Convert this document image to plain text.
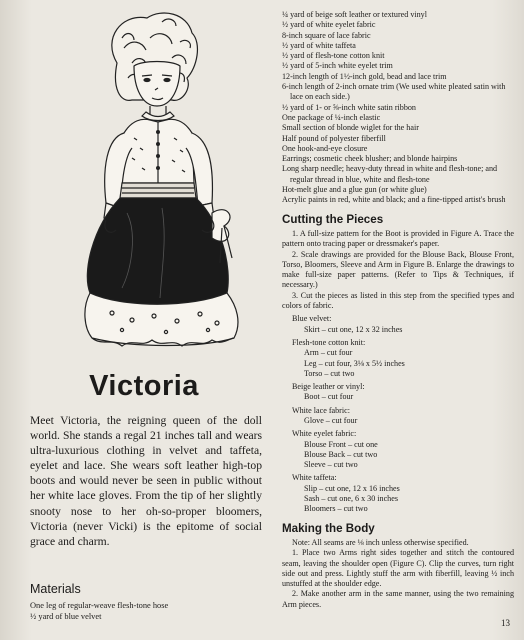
Victoria
Meet Victoria, the reigning queen of the doll world. She stands a regal 21 inches tall and wears ultra-luxurious clothing in velvet and taffeta, eyelet and lace. She wears soft leather high-top boots and would never be seen in public without her white lace gloves. From the tip of her slightly snooty nose to her oh-so-proper bloomers, Victoria (never Vicki) is the epitome of social grace and charm.
Materials
One leg of regular-weave flesh-tone hose
½ yard of blue velvet
¼ yard of beige soft leather or textured vinyl
½ yard of white eyelet fabric
8-inch square of lace fabric
½ yard of white taffeta
½ yard of flesh-tone cotton knit
½ yard of 5-inch white eyelet trim
12-inch length of 1½-inch gold, bead and lace trim
6-inch length of 2-inch ornate trim (We used white pleated satin with lace on each side.)
½ yard of 1- or ⅝-inch white satin ribbon
One package of ¼-inch elastic
Small section of blonde wiglet for the hair
Half pound of polyester fiberfill
One hook-and-eye closure
Earrings; cosmetic cheek blusher; and blonde hairpins
Long sharp needle; heavy-duty thread in white and flesh-tone; and regular thread in blue, white and flesh-tone
Hot-melt glue and a glue gun (or white glue)
Acrylic paints in red, white and black; and a fine-tipped artist's brush
Cutting the Pieces
1. A full-size pattern for the Boot is provided in Figure A. Trace the pattern onto tracing paper or dressmaker's paper.
2. Scale drawings are provided for the Blouse Back, Blouse Front, Torso, Bloomers, Sleeve and Arm in Figure B. Enlarge the drawings to make full-size paper patterns. (Refer to Tips & Techniques, if necessary.)
3. Cut the pieces as listed in this step from the specified types and colors of fabric.
Blue velvet:
Skirt – cut one, 12 x 32 inches
Flesh-tone cotton knit:
Arm – cut four
Leg – cut four, 3⅛ x 5½ inches
Torso – cut two
Beige leather or vinyl:
Boot – cut four
White lace fabric:
Glove – cut four
White eyelet fabric:
Blouse Front – cut one
Blouse Back – cut two
Sleeve – cut two
White taffeta:
Slip – cut one, 12 x 16 inches
Sash – cut one, 6 x 30 inches
Bloomers – cut two
Making the Body
Note: All seams are ⅛ inch unless otherwise specified.
1. Place two Arms right sides together and stitch the contoured seam, leaving the shoulder open (Figure C). Clip the curves, turn right side out and press. Lightly stuff the arm with fiberfill, leaving ½ inch unstuffed at the shoulder edge.
2. Make another arm in the same manner, using the two remaining Arm pieces.
13
